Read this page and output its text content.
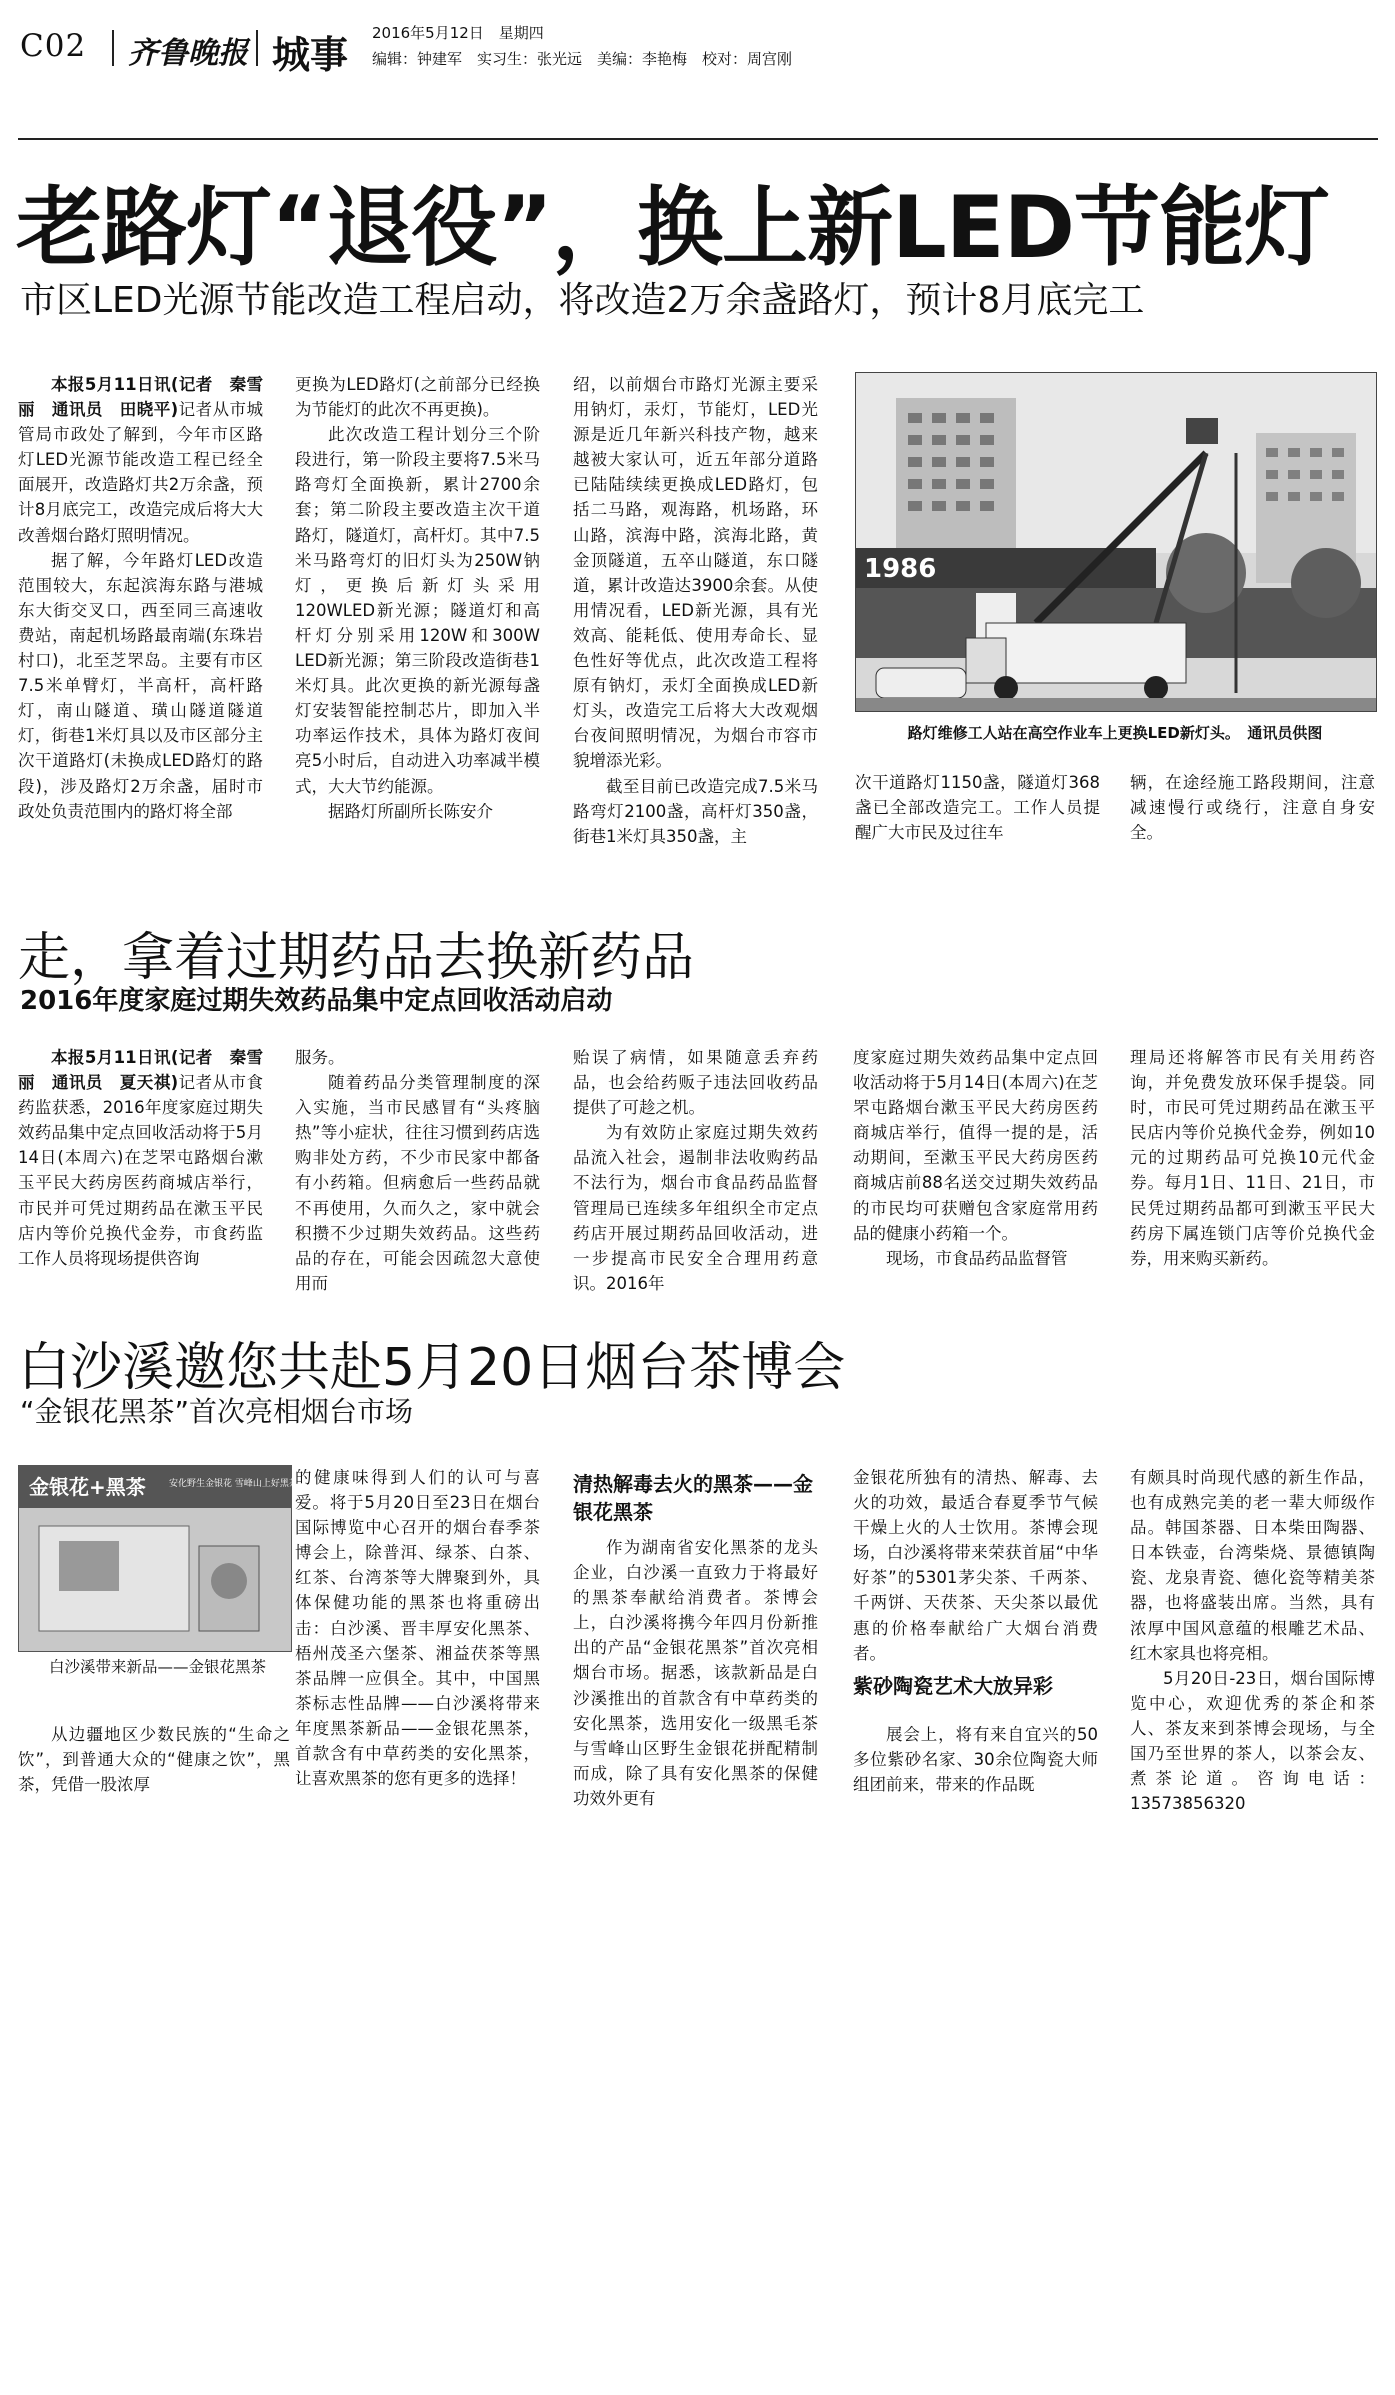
C02 齐鲁晚报 城事 2016年5月12日　星期四
编辑：钟建军　实习生：张光远　美编：李艳梅　校对：周宫刚
老路灯“退役”，换上新LED节能灯
市区LED光源节能改造工程启动，将改造2万余盏路灯，预计8月底完工

本报5月11日讯(记者　秦雪丽　通讯员　田晓平)记者从市城管局市政处了解到，今年市区路灯LED光源节能改造工程已经全面展开，改造路灯共2万余盏，预计8月底完工，改造完成后将大大改善烟台路灯照明情况。

据了解，今年路灯LED改造范围较大，东起滨海东路与港城东大街交叉口，西至同三高速收费站，南起机场路最南端(东珠岩村口)，北至芝罘岛。主要有市区7.5米单臂灯，半高杆，高杆路灯，南山隧道、璜山隧道隧道灯，街巷1米灯具以及市区部分主次干道路灯(未换成LED路灯的路段)，涉及路灯2万余盏，届时市政处负责范围内的路灯将全部

更换为LED路灯(之前部分已经换为节能灯的此次不再更换)。

此次改造工程计划分三个阶段进行，第一阶段主要将7.5米马路弯灯全面换新，累计2700余套；第二阶段主要改造主次干道路灯，隧道灯，高杆灯。其中7.5米马路弯灯的旧灯头为250W钠灯，更换后新灯头采用120WLED新光源；隧道灯和高杆灯分别采用120W和300W LED新光源；第三阶段改造街巷1米灯具。此次更换的新光源每盏灯安装智能控制芯片，即加入半功率运作技术，具体为路灯夜间亮5小时后，自动进入功率减半模式，大大节约能源。

据路灯所副所长陈安介

绍，以前烟台市路灯光源主要采用钠灯，汞灯，节能灯，LED光源是近几年新兴科技产物，越来越被大家认可，近五年部分道路已陆陆续续更换成LED路灯，包括二马路，观海路，机场路，环山路，滨海中路，滨海北路，黄金顶隧道，五卒山隧道，东口隧道，累计改造达3900余套。从使用情况看，LED新光源，具有光效高、能耗低、使用寿命长、显色性好等优点，此次改造工程将原有钠灯，汞灯全面换成LED新灯头，改造完工后将大大改观烟台夜间照明情况，为烟台市容市貌增添光彩。

截至目前已改造完成7.5米马路弯灯2100盏，高杆灯350盏，街巷1米灯具350盏，主

1986
路灯维修工人站在高空作业车上更换LED新灯头。　通讯员供图

次干道路灯1150盏，隧道灯368盏已全部改造完工。工作人员提醒广大市民及过往车

辆，在途经施工路段期间，注意减速慢行或绕行，注意自身安全。

走，拿着过期药品去换新药品
2016年度家庭过期失效药品集中定点回收活动启动

本报5月11日讯(记者　秦雪丽　通讯员　夏天祺)记者从市食药监获悉，2016年度家庭过期失效药品集中定点回收活动将于5月14日(本周六)在芝罘屯路烟台漱玉平民大药房医药商城店举行，市民并可凭过期药品在漱玉平民店内等价兑换代金券，市食药监工作人员将现场提供咨询

服务。

随着药品分类管理制度的深入实施，当市民感冒有“头疼脑热”等小症状，往往习惯到药店选购非处方药，不少市民家中都备有小药箱。但病愈后一些药品就不再使用，久而久之，家中就会积攒不少过期失效药品。这些药品的存在，可能会因疏忽大意使用而

贻误了病情，如果随意丢弃药品，也会给药贩子违法回收药品提供了可趁之机。

为有效防止家庭过期失效药品流入社会，遏制非法收购药品不法行为，烟台市食品药品监督管理局已连续多年组织全市定点药店开展过期药品回收活动，进一步提高市民安全合理用药意识。2016年

度家庭过期失效药品集中定点回收活动将于5月14日(本周六)在芝罘屯路烟台漱玉平民大药房医药商城店举行，值得一提的是，活动期间，至漱玉平民大药房医药商城店前88名送交过期失效药品的市民均可获赠包含家庭常用药品的健康小药箱一个。

现场，市食品药品监督管

理局还将解答市民有关用药咨询，并免费发放环保手提袋。同时，市民可凭过期药品在漱玉平民店内等价兑换代金券，例如10元的过期药品可兑换10元代金券。每月1日、11日、21日，市民凭过期药品都可到漱玉平民大药房下属连锁门店等价兑换代金券，用来购买新药。

白沙溪邀您共赴5月20日烟台茶博会
“金银花黑茶”首次亮相烟台市场
金银花+黑茶	安化野生金银花 雪峰山上好黑茶
白沙溪带来新品——金银花黑茶

从边疆地区少数民族的“生命之饮”，到普通大众的“健康之饮”，黑茶，凭借一股浓厚

的健康味得到人们的认可与喜爱。将于5月20日至23日在烟台国际博览中心召开的烟台春季茶博会上，除普洱、绿茶、白茶、红茶、台湾茶等大牌聚到外，具体保健功能的黑茶也将重磅出击：白沙溪、晋丰厚安化黑茶、梧州茂圣六堡茶、湘益茯茶等黑茶品牌一应俱全。其中，中国黑茶标志性品牌——白沙溪将带来年度黑茶新品——金银花黑茶，首款含有中草药类的安化黑茶，让喜欢黑茶的您有更多的选择！

清热解毒去火的黑茶——金银花黑茶

作为湖南省安化黑茶的龙头企业，白沙溪一直致力于将最好的黑茶奉献给消费者。茶博会上，白沙溪将携今年四月份新推出的产品“金银花黑茶”首次亮相烟台市场。据悉，该款新品是白沙溪推出的首款含有中草药类的安化黑茶，选用安化一级黑毛茶与雪峰山区野生金银花拼配精制而成，除了具有安化黑茶的保健功效外更有

金银花所独有的清热、解毒、去火的功效，最适合春夏季节气候干燥上火的人士饮用。茶博会现场，白沙溪将带来荣获首届“中华好茶”的5301茅尖茶、千两茶、千两饼、天茯茶、天尖茶以最优惠的价格奉献给广大烟台消费者。

紫砂陶瓷艺术大放异彩

展会上，将有来自宜兴的50多位紫砂名家、30余位陶瓷大师组团前来，带来的作品既

有颇具时尚现代感的新生作品，也有成熟完美的老一辈大师级作品。韩国茶器、日本柴田陶器、日本铁壶，台湾柴烧、景德镇陶瓷、龙泉青瓷、德化瓷等精美茶器，也将盛装出席。当然，具有浓厚中国风意蕴的根雕艺术品、红木家具也将亮相。

5月20日-23日，烟台国际博览中心，欢迎优秀的茶企和茶人、茶友来到茶博会现场，与全国乃至世界的茶人，以茶会友、煮茶论道。咨询电话：13573856320
